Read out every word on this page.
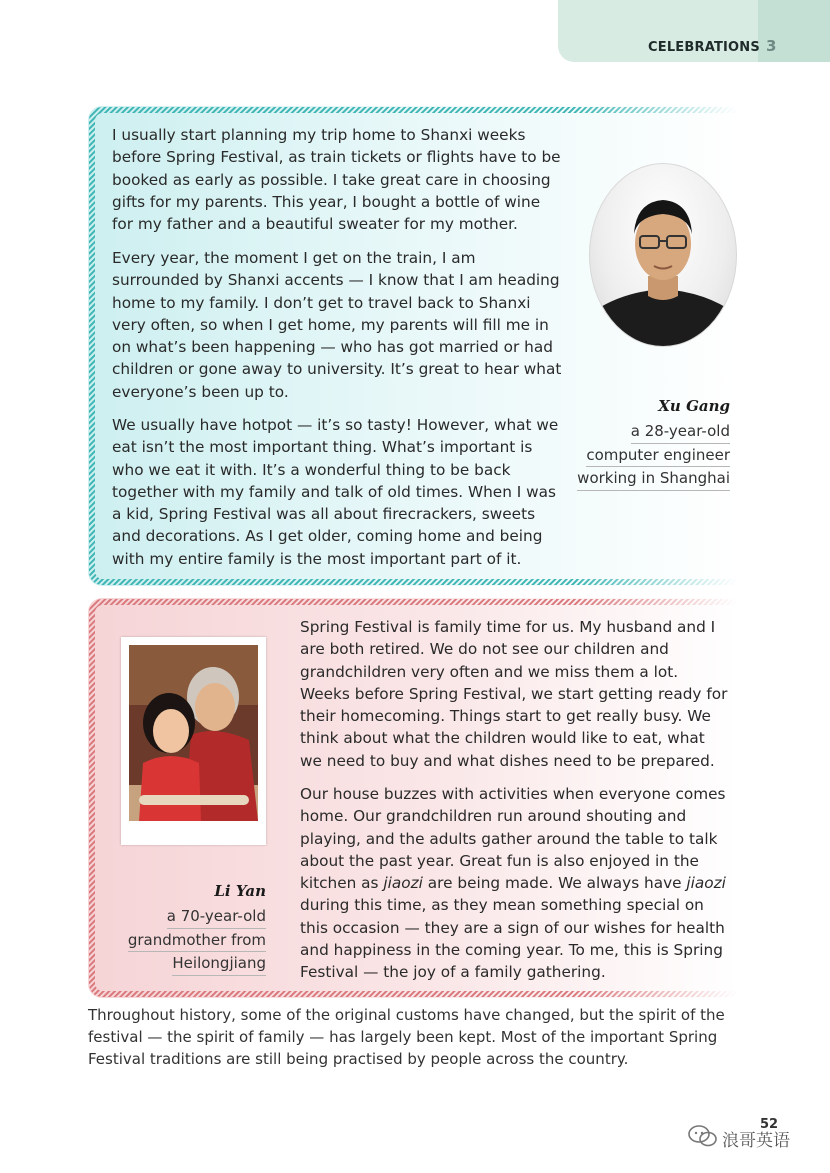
CELEBRATIONS 3

I usually start planning my trip home to Shanxi weeks before Spring Festival, as train tickets or flights have to be booked as early as possible. I take great care in choosing gifts for my parents. This year, I bought a bottle of wine for my father and a beautiful sweater for my mother.

Every year, the moment I get on the train, I am surrounded by Shanxi accents — I know that I am heading home to my family. I don’t get to travel back to Shanxi very often, so when I get home, my parents will fill me in on what’s been happening — who has got married or had children or gone away to university. It’s great to hear what everyone’s been up to.

We usually have hotpot — it’s so tasty! However, what we eat isn’t the most important thing. What’s important is who we eat it with. It’s a wonderful thing to be back together with my family and talk of old times. When I was a kid, Spring Festival was all about firecrackers, sweets and decorations. As I get older, coming home and being with my entire family is the most important part of it.

Xu Gang
a 28-year-old
computer engineer
working in Shanghai

Spring Festival is family time for us. My husband and I are both retired. We do not see our children and grandchildren very often and we miss them a lot. Weeks before Spring Festival, we start getting ready for their homecoming. Things start to get really busy. We think about what the children would like to eat, what we need to buy and what dishes need to be prepared.

Our house buzzes with activities when everyone comes home. Our grandchildren run around shouting and playing, and the adults gather around the table to talk about the past year. Great fun is also enjoyed in the kitchen as jiaozi are being made. We always have jiaozi during this time, as they mean something special on this occasion — they are a sign of our wishes for health and happiness in the coming year. To me, this is Spring Festival — the joy of a family gathering.

Li Yan
a 70-year-old
grandmother from
Heilongjiang

Throughout history, some of the original customs have changed, but the spirit of the festival — the spirit of family — has largely been kept. Most of the important Spring Festival traditions are still being practised by people across the country.

52
浪哥英语
